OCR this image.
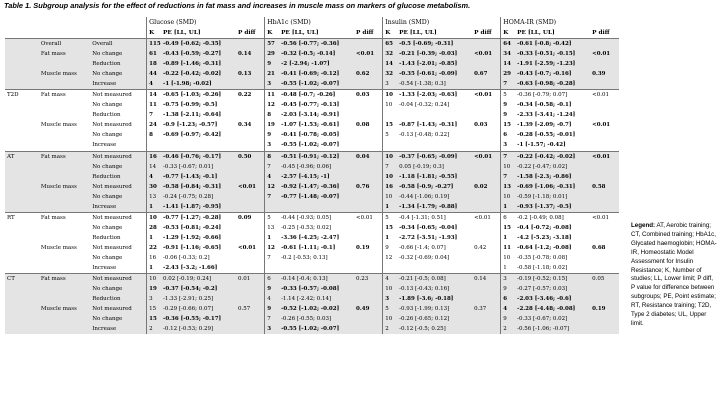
Table 1. Subgroup analysis for the effect of reductions in fat mass and increases in muscle mass on markers of glucose metabolism.
			Glucose (SMD)			HbA1c (SMD)			Insulin (SMD)			HOMA-IR (SMD)		
			K	PE [LL, UL]	P diff	K	PE [LL, UL]	P diff	K	PE [LL, UL]	P diff	K	PE [LL, UL]	P diff
	Overall	Overall	115	-0.49 [-0.62; -0.35]		57	-0.56 [-0.77; -0.36]		65	-0.5 [-0.69; -0.31]		64	-0.61 [-0.8; -0.42]	
	Fat mass	No change	61	-0.43 [-0.59; -0.27]	0.14	29	-0.32 [-0.5; -0.14]	<0.01	32	-0.21 [-0.39; -0.03]	<0.01	34	-0.33 [-0.51; -0.15]	<0.01
		Reduction	18	-0.89 [-1.46; -0.31]		9	-2 [-2.94; -1.07]		14	-1.43 [-2.01; -0.85]		14	-1.91 [-2.59; -1.23]	
	Muscle mass	No change	44	-0.22 [-0.42; -0.02]	0.13	21	-0.41 [-0.69; -0.12]	0.62	32	-0.35 [-0.61; -0.09]	0.67	29	-0.43 [-0.7; -0.16]	0.39
		Increase	4	-1 [-1.98; -0.02]		3	-0.55 [-1.02; -0.07]		3	-0.54 [-1.38; 0.3]		7	-0.63 [-0.98; -0.28]	
T2D	Fat mass	Not measured	14	-0.65 [-1.03; -0.26]	0.22	11	-0.48 [-0.7; -0.26]	0.03	10	-1.33 [-2.03; -0.63]	<0.01	5	-0.36 [-0.79; 0.07]	<0.01
		No change	11	-0.75 [-0.99; -0.5]		12	-0.45 [-0.77; -0.13]		10	-0.04 [-0.32; 0.24]		9	-0.34 [-0.58; -0.1]	
		Reduction	7	-1.38 [-2.11; -0.64]		8	-2.03 [-3.14; -0.91]					9	-2.33 [-3.41; -1.24]	
	Muscle mass	Not measured	24	-0.9 [-1.23; -0.57]	0.34	19	-1.07 [-1.53; -0.61]	0.08	15	-0.87 [-1.43; -0.31]	0.03	15	-1.39 [-2.09; -0.7]	<0.01
		No change	8	-0.69 [-0.97; -0.42]		9	-0.41 [-0.78; -0.05]		5	-0.13 [-0.48; 0.22]		6	-0.28 [-0.55; -0.01]	
		Increase				3	-0.55 [-1.02; -0.07]					3	-1 [-1.57; -0.42]	
AT	Fat mass	Not measured	16	-0.46 [-0.76; -0.17]	0.50	8	-0.51 [-0.91; -0.12]	0.04	10	-0.37 [-0.65; -0.09]	<0.01	7	-0.22 [-0.42; -0.02]	<0.01
		No change	14	-0.33 [-0.67; 0.01]		7	-0.45 [-0.96; 0.06]		7	0.05 [-0.19; 0.3]		10	-0.22 [-0.47; 0.02]	
		Reduction	4	-0.77 [-1.43; -0.1]		4	-2.57 [-4.15; -1]		10	-1.18 [-1.81; -0.55]		7	-1.58 [-2.3; -0.86]	
	Muscle mass	Not measured	30	-0.58 [-0.84; -0.31]	<0.01	12	-0.92 [-1.47; -0.36]	0.76	16	-0.58 [-0.9; -0.27]	0.02	13	-0.69 [-1.06; -0.31]	0.58
		No change	13	-0.24 [-0.75; 0.28]		7	-0.77 [-1.48; -0.07]		10	-0.44 [-1.06; 0.19]		10	-0.59 [-1.18; 0.01]	
		Increase	1	-1.41 [-1.87; -0.95]					1	-1.34 [-1.79; -0.88]		1	-0.93 [-1.37; -0.5]	
RT	Fat mass	Not measured	10	-0.77 [-1.27; -0.28]	0.09	5	-0.44 [-0.93; 0.05]	<0.01	5	-0.4 [-1.31; 0.51]	<0.01	6	-0.2 [-0.49; 0.08]	<0.01
		No change	28	-0.53 [-0.81; -0.24]		13	-0.25 [-0.53; 0.02]		15	-0.34 [-0.65; -0.04]		15	-0.4 [-0.72; -0.08]	
		Reduction	1	-1.29 [-1.92; -0.66]		1	-3.36 [-4.25; -2.47]		1	-2.72 [-3.51; -1.93]		1	-4.2 [-5.23; -3.18]	
	Muscle mass	Not measured	22	-0.91 [-1.16; -0.65]	<0.01	12	-0.61 [-1.11; -0.1]	0.19	9	-0.66 [-1.4; 0.07]	0.42	11	-0.64 [-1.2; -0.08]	0.68
		No change	16	-0.06 [-0.33; 0.2]		7	-0.2 [-0.53; 0.13]		12	-0.32 [-0.69; 0.04]		10	-0.35 [-0.78; 0.08]	
		Increase	1	-2.43 [-3.2; -1.66]								1	-0.58 [-1.18; 0.02]	
CT	Fat mass	Not measured	10	0.02 [-0.19; 0.24]	0.01	6	-0.14 [-0.4; 0.13]	0.23	4	-0.21 [-0.5; 0.08]	0.14	3	-0.19 [-0.52; 0.15]	0.05
		No change	19	-0.37 [-0.54; -0.2]		9	-0.33 [-0.57; -0.08]		10	-0.13 [-0.43; 0.16]		9	-0.27 [-0.57; 0.03]	
		Reduction	3	-1.33 [-2.91; 0.25]		4	-1.14 [-2.42; 0.14]		3	-1.89 [-3.6; -0.18]		6	-2.03 [-3.46; -0.6]	
	Muscle mass	Not measured	15	-0.29 [-0.66; 0.07]	0.57	9	-0.52 [-1.02; -0.02]	0.49	5	-0.93 [-1.99; 0.13]	0.37	4	-2.28 [-4.48; -0.08]	0.19
		No change	15	-0.36 [-0.55; -0.17]		7	-0.26 [-0.55; 0.03]		10	-0.26 [-0.65; 0.12]		9	-0.33 [-0.67; 0.02]	
		Increase	2	-0.12 [-0.53; 0.29]		3	-0.55 [-1.02; -0.07]		2	-0.12 [-0.5; 0.25]		2	-0.56 [-1.06; -0.07]	
Legend: AT, Aerobic training; CT, Combined training; HbA1c, Glycated haemoglobin; HOMA-IR, Homeostatic Model Assessment for Insulin Resistance; K, Number of studies; LL, Lower limit; P diff, P value for difference between subgroups; PE, Point estimate; RT, Resistance training; T2D, Type 2 diabetes; UL, Upper limit.
